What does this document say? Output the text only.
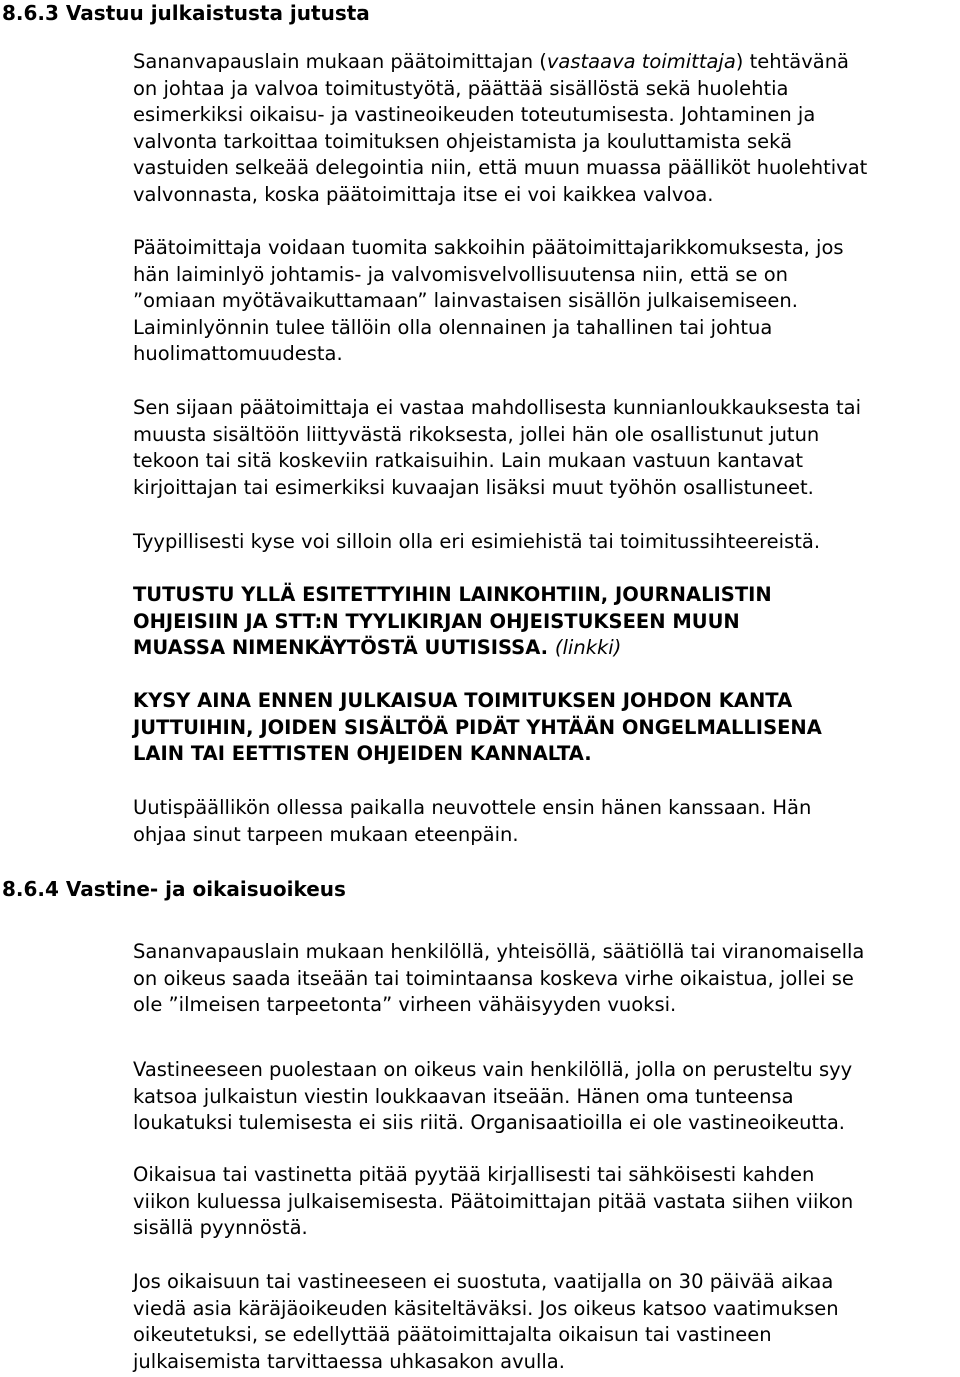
8.6.3 Vastuu julkaistusta jutusta
Sananvapauslain mukaan päätoimittajan (vastaava toimittaja) tehtävänä
on johtaa ja valvoa toimitustyötä, päättää sisällöstä sekä huolehtia
esimerkiksi oikaisu- ja vastineoikeuden toteutumisesta. Johtaminen ja
valvonta tarkoittaa toimituksen ohjeistamista ja kouluttamista sekä
vastuiden selkeää delegointia niin, että muun muassa päälliköt huolehtivat
valvonnasta, koska päätoimittaja itse ei voi kaikkea valvoa.
Päätoimittaja voidaan tuomita sakkoihin päätoimittajarikkomuksesta, jos
hän laiminlyö johtamis- ja valvomisvelvollisuutensa niin, että se on
”omiaan myötävaikuttamaan” lainvastaisen sisällön julkaisemiseen.
Laiminlyönnin tulee tällöin olla olennainen ja tahallinen tai johtua
huolimattomuudesta.
Sen sijaan päätoimittaja ei vastaa mahdollisesta kunnianloukkauksesta tai
muusta sisältöön liittyvästä rikoksesta, jollei hän ole osallistunut jutun
tekoon tai sitä koskeviin ratkaisuihin. Lain mukaan vastuun kantavat
kirjoittajan tai esimerkiksi kuvaajan lisäksi muut työhön osallistuneet.
Tyypillisesti kyse voi silloin olla eri esimiehistä tai toimitussihteereistä.
TUTUSTU YLLÄ ESITETTYIHIN LAINKOHTIIN, JOURNALISTIN
OHJEISIIN JA STT:N TYYLIKIRJAN OHJEISTUKSEEN MUUN
MUASSA NIMENKÄYTÖSTÄ UUTISISSA. (linkki)
KYSY AINA ENNEN JULKAISUA TOIMITUKSEN JOHDON KANTA
JUTTUIHIN, JOIDEN SISÄLTÖÄ PIDÄT YHTÄÄN ONGELMALLISENA
LAIN TAI EETTISTEN OHJEIDEN KANNALTA.
Uutispäällikön ollessa paikalla neuvottele ensin hänen kanssaan. Hän
ohjaa sinut tarpeen mukaan eteenpäin.
8.6.4 Vastine- ja oikaisuoikeus
Sananvapauslain mukaan henkilöllä, yhteisöllä, säätiöllä tai viranomaisella
on oikeus saada itseään tai toimintaansa koskeva virhe oikaistua, jollei se
ole ”ilmeisen tarpeetonta” virheen vähäisyyden vuoksi.
Vastineeseen puolestaan on oikeus vain henkilöllä, jolla on perusteltu syy
katsoa julkaistun viestin loukkaavan itseään. Hänen oma tunteensa
loukatuksi tulemisesta ei siis riitä. Organisaatioilla ei ole vastineoikeutta.
Oikaisua tai vastinetta pitää pyytää kirjallisesti tai sähköisesti kahden
viikon kuluessa julkaisemisesta. Päätoimittajan pitää vastata siihen viikon
sisällä pyynnöstä.
Jos oikaisuun tai vastineeseen ei suostuta, vaatijalla on 30 päivää aikaa
viedä asia käräjäoikeuden käsiteltäväksi. Jos oikeus katsoo vaatimuksen
oikeutetuksi, se edellyttää päätoimittajalta oikaisun tai vastineen
julkaisemista tarvittaessa uhkasakon avulla.
